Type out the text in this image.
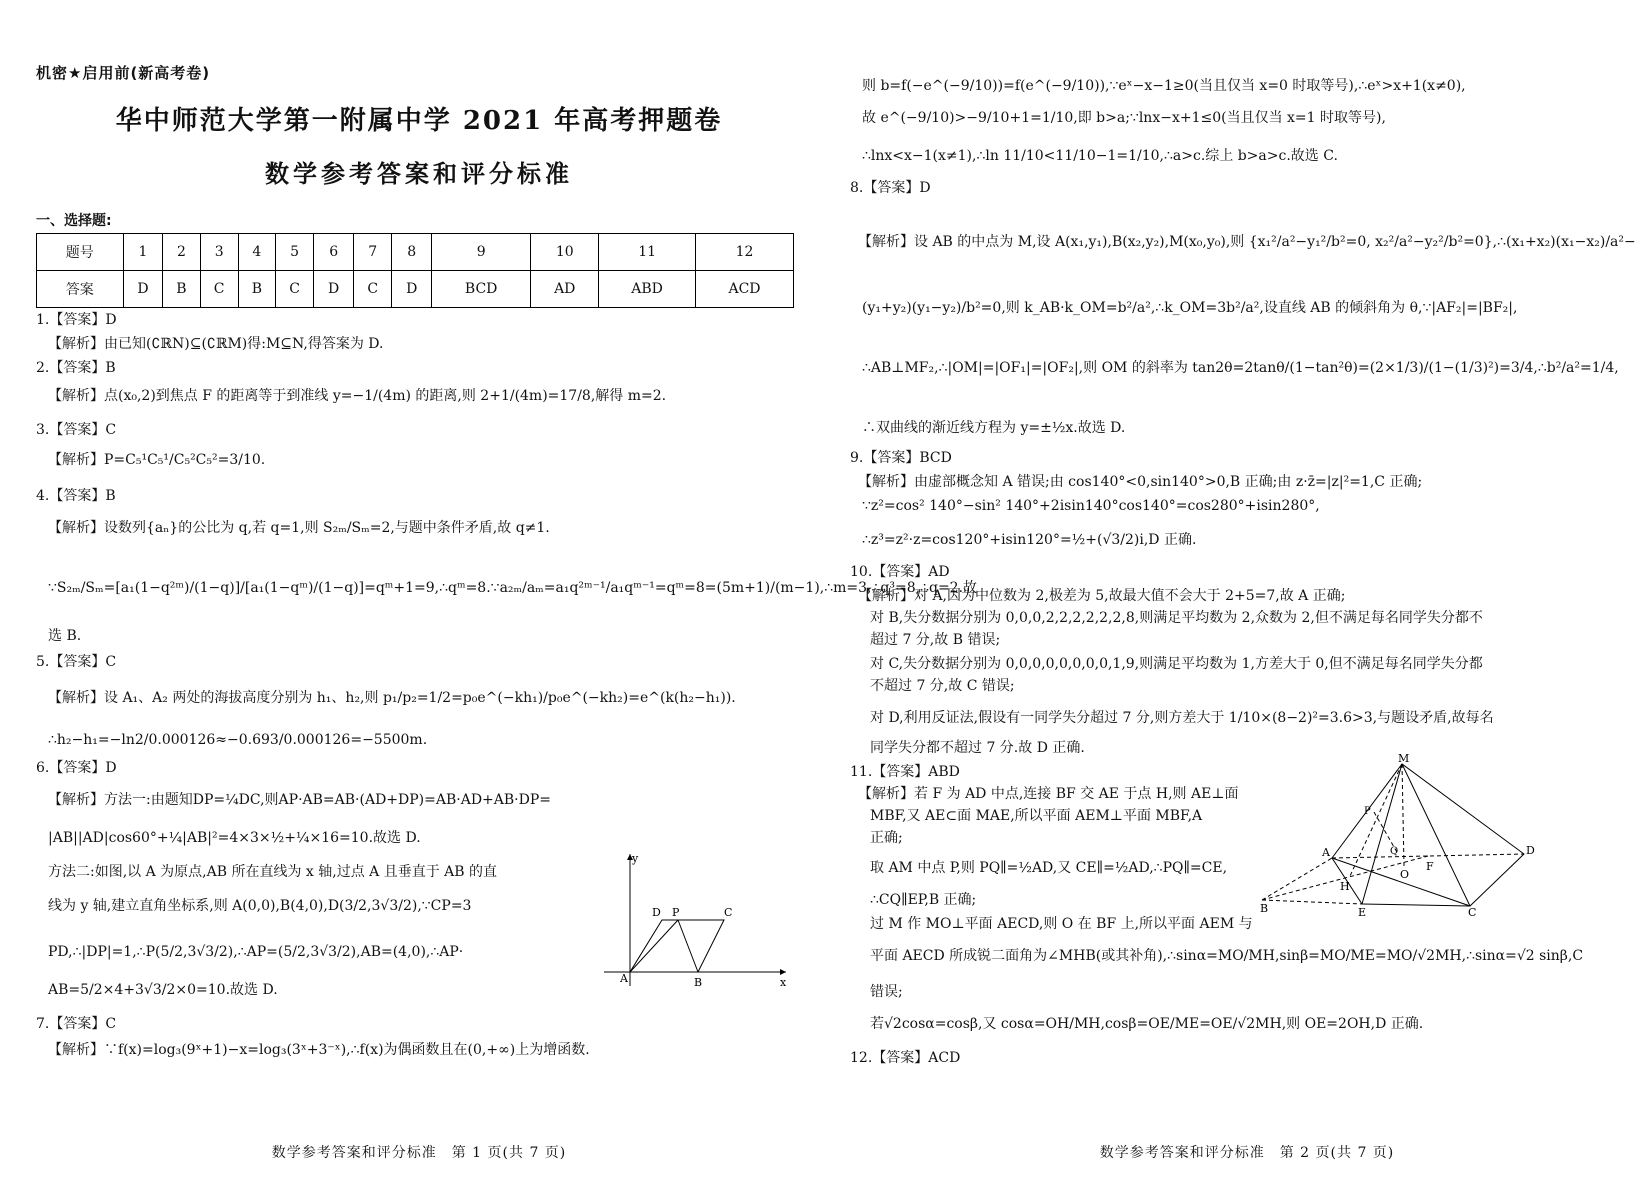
机密★启用前(新高考卷)
华中师范大学第一附属中学 2021 年高考押题卷
数学参考答案和评分标准
一、选择题:
题号	1	2	3	4	5	6	7	8	9	10	11	12
答案	D	B	C	B	C	D	C	D	BCD	AD	ABD	ACD
1.【答案】D
【解析】由已知(∁ℝN)⊆(∁ℝM)得:M⊆N,得答案为 D.
2.【答案】B
【解析】点(x₀,2)到焦点 F 的距离等于到准线 y=−1/(4m) 的距离,则 2+1/(4m)=17/8,解得 m=2.
3.【答案】C
【解析】P=C₅¹C₅¹/C₅²C₅²=3/10.
4.【答案】B
【解析】设数列{aₙ}的公比为 q,若 q=1,则 S₂ₘ/Sₘ=2,与题中条件矛盾,故 q≠1.
∵S₂ₘ/Sₘ=[a₁(1−q²ᵐ)/(1−q)]/[a₁(1−qᵐ)/(1−q)]=qᵐ+1=9,∴qᵐ=8.∵a₂ₘ/aₘ=a₁q²ᵐ⁻¹/a₁qᵐ⁻¹=qᵐ=8=(5m+1)/(m−1),∴m=3,∴q³=8,∴q=2.故
选 B.
5.【答案】C
【解析】设 A₁、A₂ 两处的海拔高度分别为 h₁、h₂,则 p₁/p₂=1/2=p₀e^(−kh₁)/p₀e^(−kh₂)=e^(k(h₂−h₁)).
∴h₂−h₁=−ln2/0.000126≈−0.693/0.000126=−5500m.
6.【答案】D
【解析】方法一:由题知DP=¼DC,则AP·AB=AB·(AD+DP)=AB·AD+AB·DP=
|AB||AD|cos60°+¼|AB|²=4×3×½+¼×16=10.故选 D.
方法二:如图,以 A 为原点,AB 所在直线为 x 轴,过点 A 且垂直于 AB 的直
线为 y 轴,建立直角坐标系,则 A(0,0),B(4,0),D(3/2,3√3/2),∵CP=3
PD,∴|DP|=1,∴P(5/2,3√3/2),∴AP=(5/2,3√3/2),AB=(4,0),∴AP·
AB=5/2×4+3√3/2×0=10.故选 D.
7.【答案】C
【解析】∵f(x)=log₃(9ˣ+1)−x=log₃(3ˣ+3⁻ˣ),∴f(x)为偶函数且在(0,+∞)上为增函数.
y
x
A	B
C
D P
数学参考答案和评分标准　第 1 页(共 7 页)
则 b=f(−e^(−9/10))=f(e^(−9/10)),∵eˣ−x−1≥0(当且仅当 x=0 时取等号),∴eˣ>x+1(x≠0),
故 e^(−9/10)>−9/10+1=1/10,即 b>a;∵lnx−x+1≤0(当且仅当 x=1 时取等号),
∴lnx<x−1(x≠1),∴ln 11/10<11/10−1=1/10,∴a>c.综上 b>a>c.故选 C.
8.【答案】D
【解析】设 AB 的中点为 M,设 A(x₁,y₁),B(x₂,y₂),M(x₀,y₀),则 {x₁²/a²−y₁²/b²=0, x₂²/a²−y₂²/b²=0},∴(x₁+x₂)(x₁−x₂)/a²−
(y₁+y₂)(y₁−y₂)/b²=0,则 k_AB·k_OM=b²/a²,∴k_OM=3b²/a²,设直线 AB 的倾斜角为 θ,∵|AF₂|=|BF₂|,
∴AB⊥MF₂,∴|OM|=|OF₁|=|OF₂|,则 OM 的斜率为 tan2θ=2tanθ/(1−tan²θ)=(2×1/3)/(1−(1/3)²)=3/4,∴b²/a²=1/4,
∴双曲线的渐近线方程为 y=±½x.故选 D.
9.【答案】BCD
【解析】由虚部概念知 A 错误;由 cos140°<0,sin140°>0,B 正确;由 z·z̄=|z|²=1,C 正确;
∵z²=cos² 140°−sin² 140°+2isin140°cos140°=cos280°+isin280°,
∴z³=z²·z=cos120°+isin120°=½+(√3/2)i,D 正确.
10.【答案】AD
【解析】对 A,因为中位数为 2,极差为 5,故最大值不会大于 2+5=7,故 A 正确;
对 B,失分数据分别为 0,0,0,2,2,2,2,2,2,8,则满足平均数为 2,众数为 2,但不满足每名同学失分都不
超过 7 分,故 B 错误;
对 C,失分数据分别为 0,0,0,0,0,0,0,0,1,9,则满足平均数为 1,方差大于 0,但不满足每名同学失分都
不超过 7 分,故 C 错误;
对 D,利用反证法,假设有一同学失分超过 7 分,则方差大于 1/10×(8−2)²=3.6>3,与题设矛盾,故每名
同学失分都不超过 7 分.故 D 正确.
11.【答案】ABD
【解析】若 F 为 AD 中点,连接 BF 交 AE 于点 H,则 AE⊥面
MBF,又 AE⊂面 MAE,所以平面 AEM⊥平面 MBF,A
正确;
取 AM 中点 P,则 PQ∥=½AD,又 CE∥=½AD,∴PQ∥=CE,
∴CQ∥EP,B 正确;
过 M 作 MO⊥平面 AECD,则 O 在 BF 上,所以平面 AEM 与
平面 AECD 所成锐二面角为∠MHB(或其补角),∴sinα=MO/MH,sinβ=MO/ME=MO/√2MH,∴sinα=√2 sinβ,C
错误;
若√2cosα=cosβ,又 cosα=OH/MH,cosβ=OE/ME=OE/√2MH,则 OE=2OH,D 正确.
12.【答案】ACD
M
A	D
B	E	C
H
O
F
P
Q
数学参考答案和评分标准　第 2 页(共 7 页)
